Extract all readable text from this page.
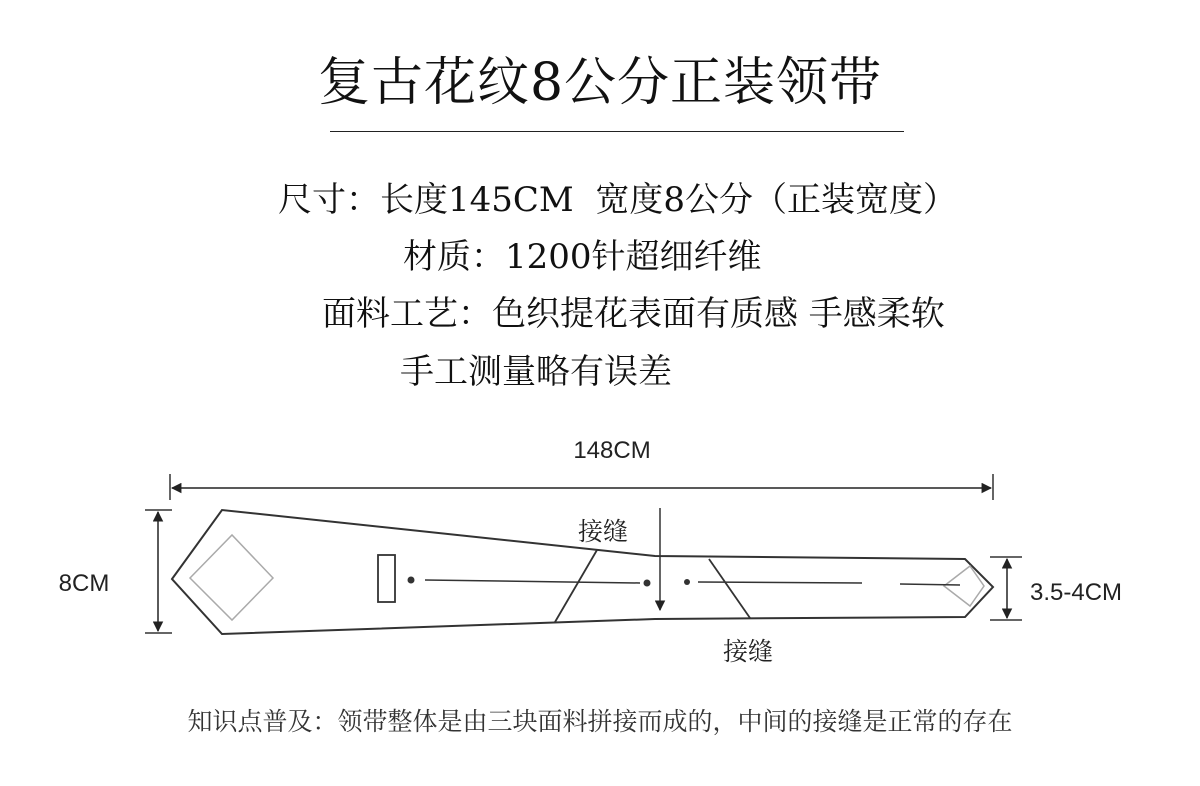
复古花纹8公分正装领带
尺寸：长度145CM  宽度8公分（正装宽度）
材质：1200针超细纤维
面料工艺：色织提花表面有质感 手感柔软
手工测量略有误差
148CM
8CM	3.5-4CM
接缝
接缝
知识点普及：领带整体是由三块面料拼接而成的，中间的接缝是正常的存在
